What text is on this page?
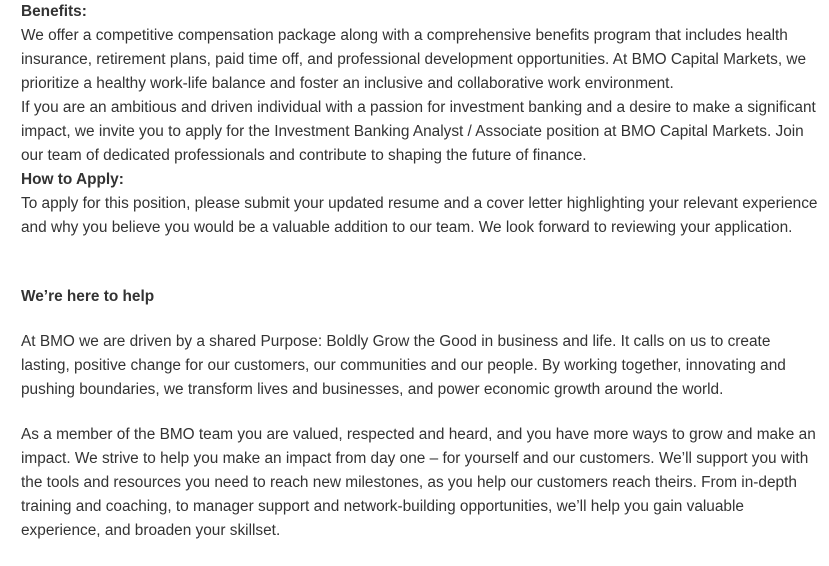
Benefits:

We offer a competitive compensation package along with a comprehensive benefits program that includes health insurance, retirement plans, paid time off, and professional development opportunities. At BMO Capital Markets, we prioritize a healthy work-life balance and foster an inclusive and collaborative work environment.

If you are an ambitious and driven individual with a passion for investment banking and a desire to make a significant impact, we invite you to apply for the Investment Banking Analyst / Associate position at BMO Capital Markets. Join our team of dedicated professionals and contribute to shaping the future of finance.

How to Apply:

To apply for this position, please submit your updated resume and a cover letter highlighting your relevant experience and why you believe you would be a valuable addition to our team. We look forward to reviewing your application.

We’re here to help

At BMO we are driven by a shared Purpose: Boldly Grow the Good in business and life. It calls on us to create lasting, positive change for our customers, our communities and our people. By working together, innovating and pushing boundaries, we transform lives and businesses, and power economic growth around the world.

As a member of the BMO team you are valued, respected and heard, and you have more ways to grow and make an impact. We strive to help you make an impact from day one – for yourself and our customers. We’ll support you with the tools and resources you need to reach new milestones, as you help our customers reach theirs. From in-depth training and coaching, to manager support and network-building opportunities, we’ll help you gain valuable experience, and broaden your skillset.
